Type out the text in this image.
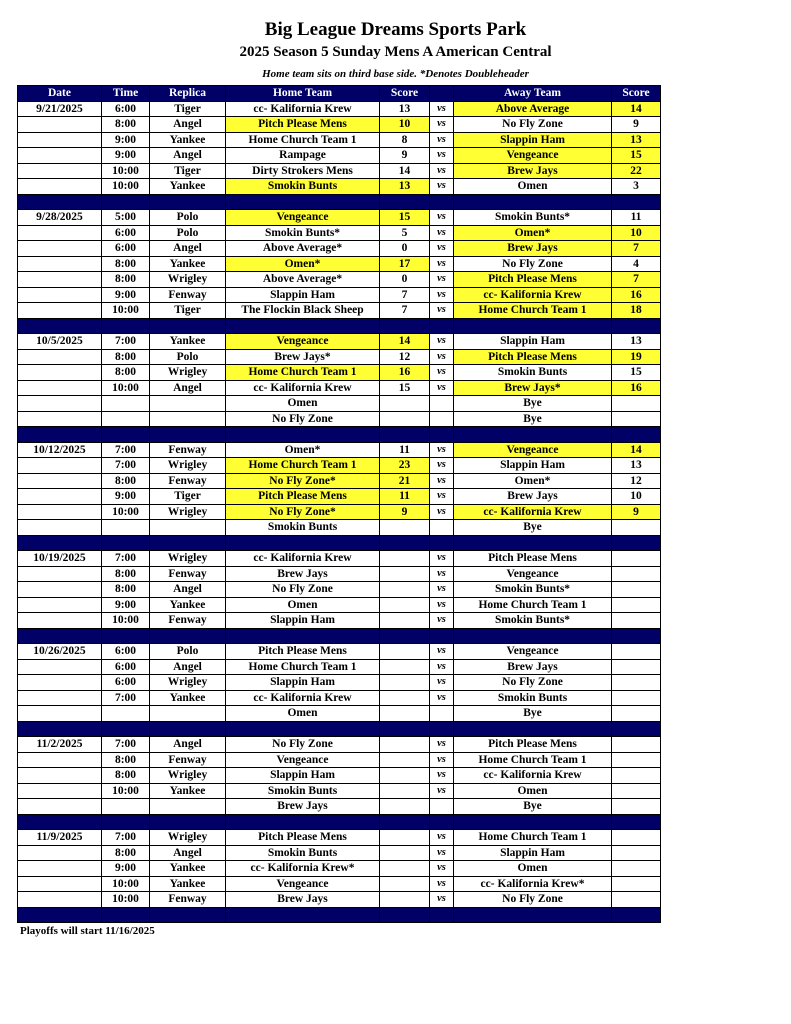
Big League Dreams Sports Park
2025 Season 5 Sunday Mens A American Central
Home team sits on third base side. *Denotes Doubleheader
Date	Time	Replica	Home Team	Score		Away Team	Score
9/21/2025	6:00	Tiger	cc- Kalifornia Krew	13	vs	Above Average	14
	8:00	Angel	Pitch Please Mens	10	vs	No Fly Zone	9
	9:00	Yankee	Home Church Team 1	8	vs	Slappin Ham	13
	9:00	Angel	Rampage	9	vs	Vengeance	15
	10:00	Tiger	Dirty Strokers Mens	14	vs	Brew Jays	22
	10:00	Yankee	Smokin Bunts	13	vs	Omen	3

9/28/2025	5:00	Polo	Vengeance	15	vs	Smokin Bunts*	11
	6:00	Polo	Smokin Bunts*	5	vs	Omen*	10
	6:00	Angel	Above Average*	0	vs	Brew Jays	7
	8:00	Yankee	Omen*	17	vs	No Fly Zone	4
	8:00	Wrigley	Above Average*	0	vs	Pitch Please Mens	7
	9:00	Fenway	Slappin Ham	7	vs	cc- Kalifornia Krew	16
	10:00	Tiger	The Flockin Black Sheep	7	vs	Home Church Team 1	18

10/5/2025	7:00	Yankee	Vengeance	14	vs	Slappin Ham	13
	8:00	Polo	Brew Jays*	12	vs	Pitch Please Mens	19
	8:00	Wrigley	Home Church Team 1	16	vs	Smokin Bunts	15
	10:00	Angel	cc- Kalifornia Krew	15	vs	Brew Jays*	16
			Omen			Bye	
			No Fly Zone			Bye	

10/12/2025	7:00	Fenway	Omen*	11	vs	Vengeance	14
	7:00	Wrigley	Home Church Team 1	23	vs	Slappin Ham	13
	8:00	Fenway	No Fly Zone*	21	vs	Omen*	12
	9:00	Tiger	Pitch Please Mens	11	vs	Brew Jays	10
	10:00	Wrigley	No Fly Zone*	9	vs	cc- Kalifornia Krew	9
			Smokin Bunts			Bye	

10/19/2025	7:00	Wrigley	cc- Kalifornia Krew		vs	Pitch Please Mens	
	8:00	Fenway	Brew Jays		vs	Vengeance	
	8:00	Angel	No Fly Zone		vs	Smokin Bunts*	
	9:00	Yankee	Omen		vs	Home Church Team 1	
	10:00	Fenway	Slappin Ham		vs	Smokin Bunts*	

10/26/2025	6:00	Polo	Pitch Please Mens		vs	Vengeance	
	6:00	Angel	Home Church Team 1		vs	Brew Jays	
	6:00	Wrigley	Slappin Ham		vs	No Fly Zone	
	7:00	Yankee	cc- Kalifornia Krew		vs	Smokin Bunts	
			Omen			Bye	

11/2/2025	7:00	Angel	No Fly Zone		vs	Pitch Please Mens	
	8:00	Fenway	Vengeance		vs	Home Church Team 1	
	8:00	Wrigley	Slappin Ham		vs	cc- Kalifornia Krew	
	10:00	Yankee	Smokin Bunts		vs	Omen	
			Brew Jays			Bye	

11/9/2025	7:00	Wrigley	Pitch Please Mens		vs	Home Church Team 1	
	8:00	Angel	Smokin Bunts		vs	Slappin Ham	
	9:00	Yankee	cc- Kalifornia Krew*		vs	Omen	
	10:00	Yankee	Vengeance		vs	cc- Kalifornia Krew*	
	10:00	Fenway	Brew Jays		vs	No Fly Zone	

Playoffs will start 11/16/2025
